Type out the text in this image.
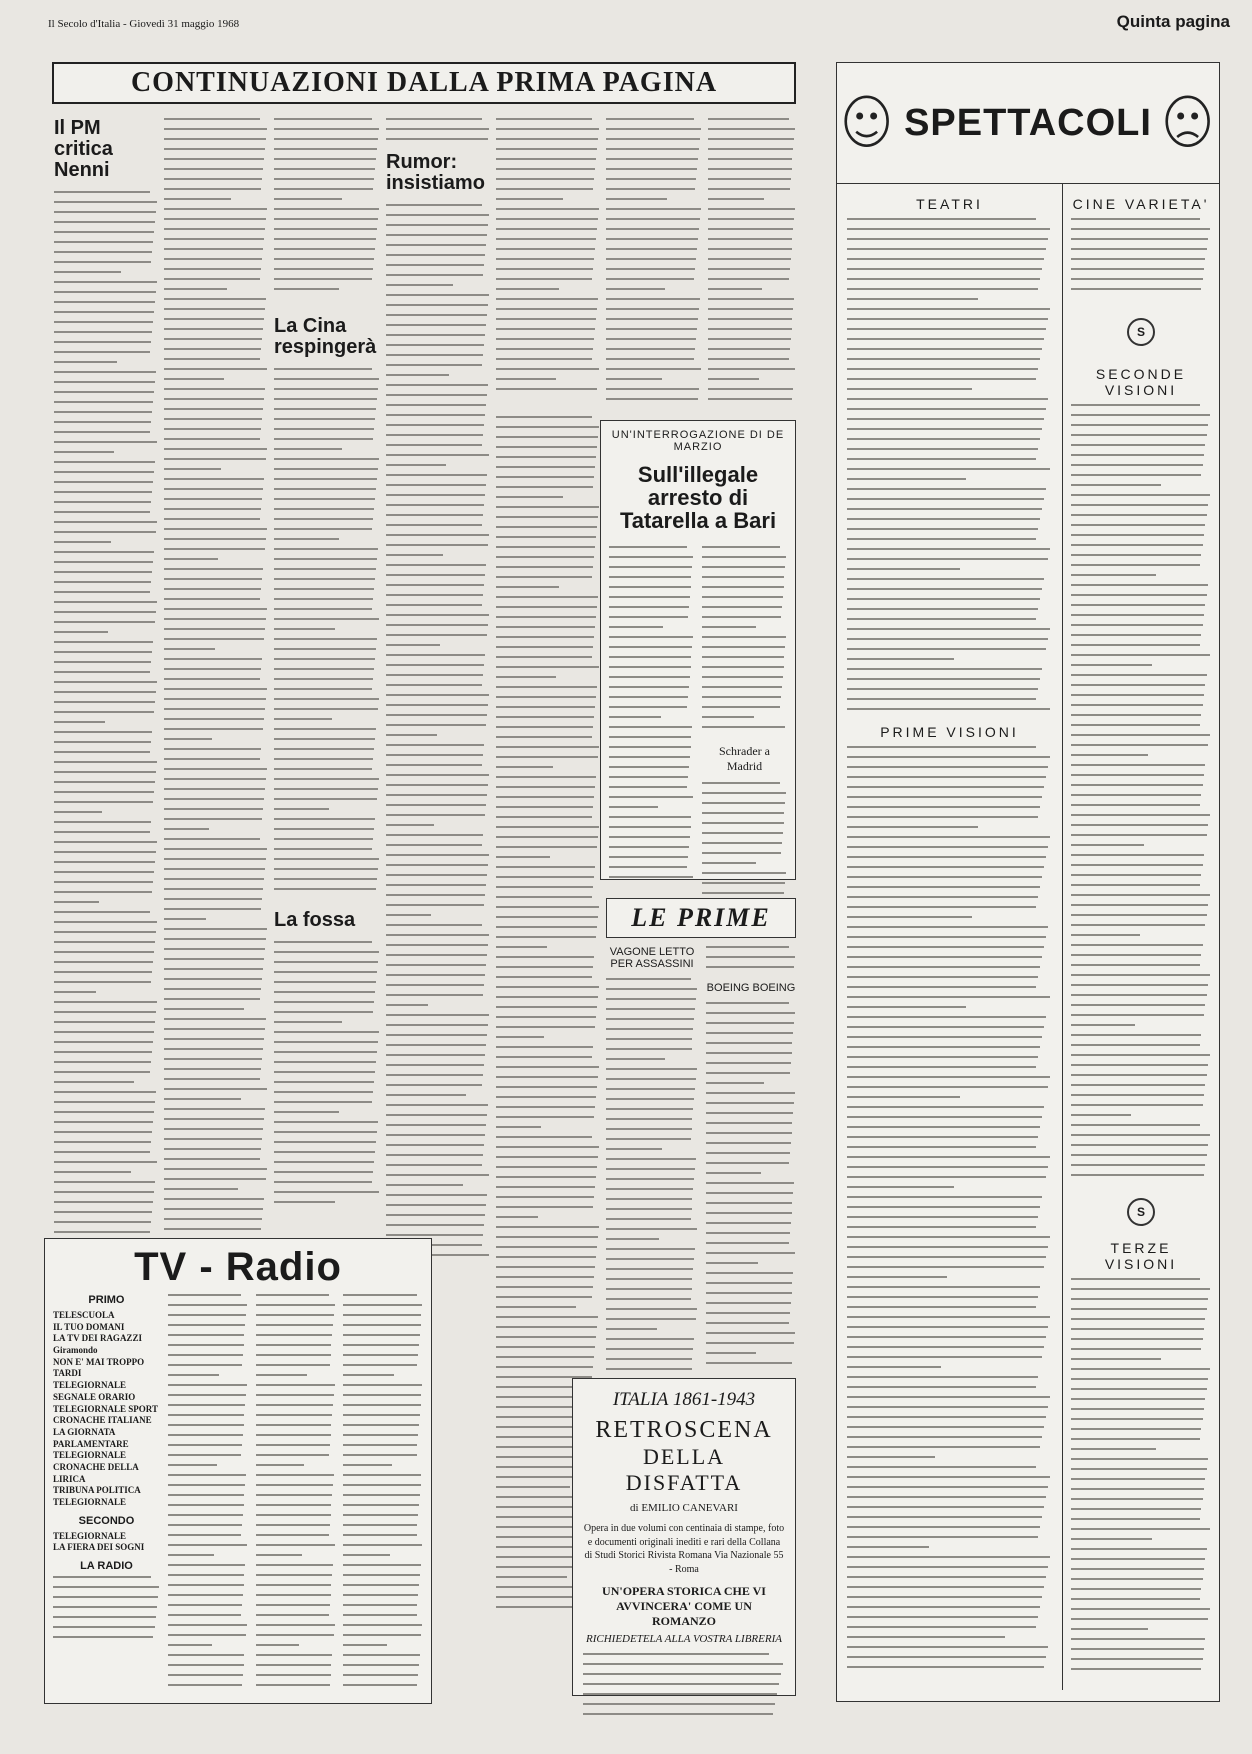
Il Secolo d'Italia - Giovedì 31 maggio 1968	Quinta pagina
CONTINUAZIONI DALLA PRIMA PAGINA
Il PM critica Nenni
La Cina respingerà
La fossa
Rumor: insistiamo
UN'INTERROGAZIONE DI DE MARZIO
Sull'illegale arresto di Tatarella a Bari
Schrader a Madrid
LE PRIME
VAGONE LETTO PER ASSASSINI
BOEING BOEING
ITALIA 1861-1943
RETROSCENA
DELLA DISFATTA
di EMILIO CANEVARI
Opera in due volumi con centinaia di stampe, foto e documenti originali inediti e rari della Collana di Studi Storici Rivista Romana Via Nazionale 55 - Roma
UN'OPERA STORICA CHE VI AVVINCERA' COME UN ROMANZO
RICHIEDETELA ALLA VOSTRA LIBRERIA
TV - Radio
PRIMO
TELESCUOLA
IL TUO DOMANI
LA TV DEI RAGAZZI
Giramondo
NON E' MAI TROPPO TARDI
TELEGIORNALE
SEGNALE ORARIO
TELEGIORNALE SPORT
CRONACHE ITALIANE
LA GIORNATA PARLAMENTARE
TELEGIORNALE
CRONACHE DELLA LIRICA
TRIBUNA POLITICA
TELEGIORNALE
SECONDO
TELEGIORNALE
LA FIERA DEI SOGNI
LA RADIO
SPETTACOLI
TEATRI
PRIME VISIONI
CINE VARIETA'
S
SECONDE VISIONI
S
TERZE VISIONI
